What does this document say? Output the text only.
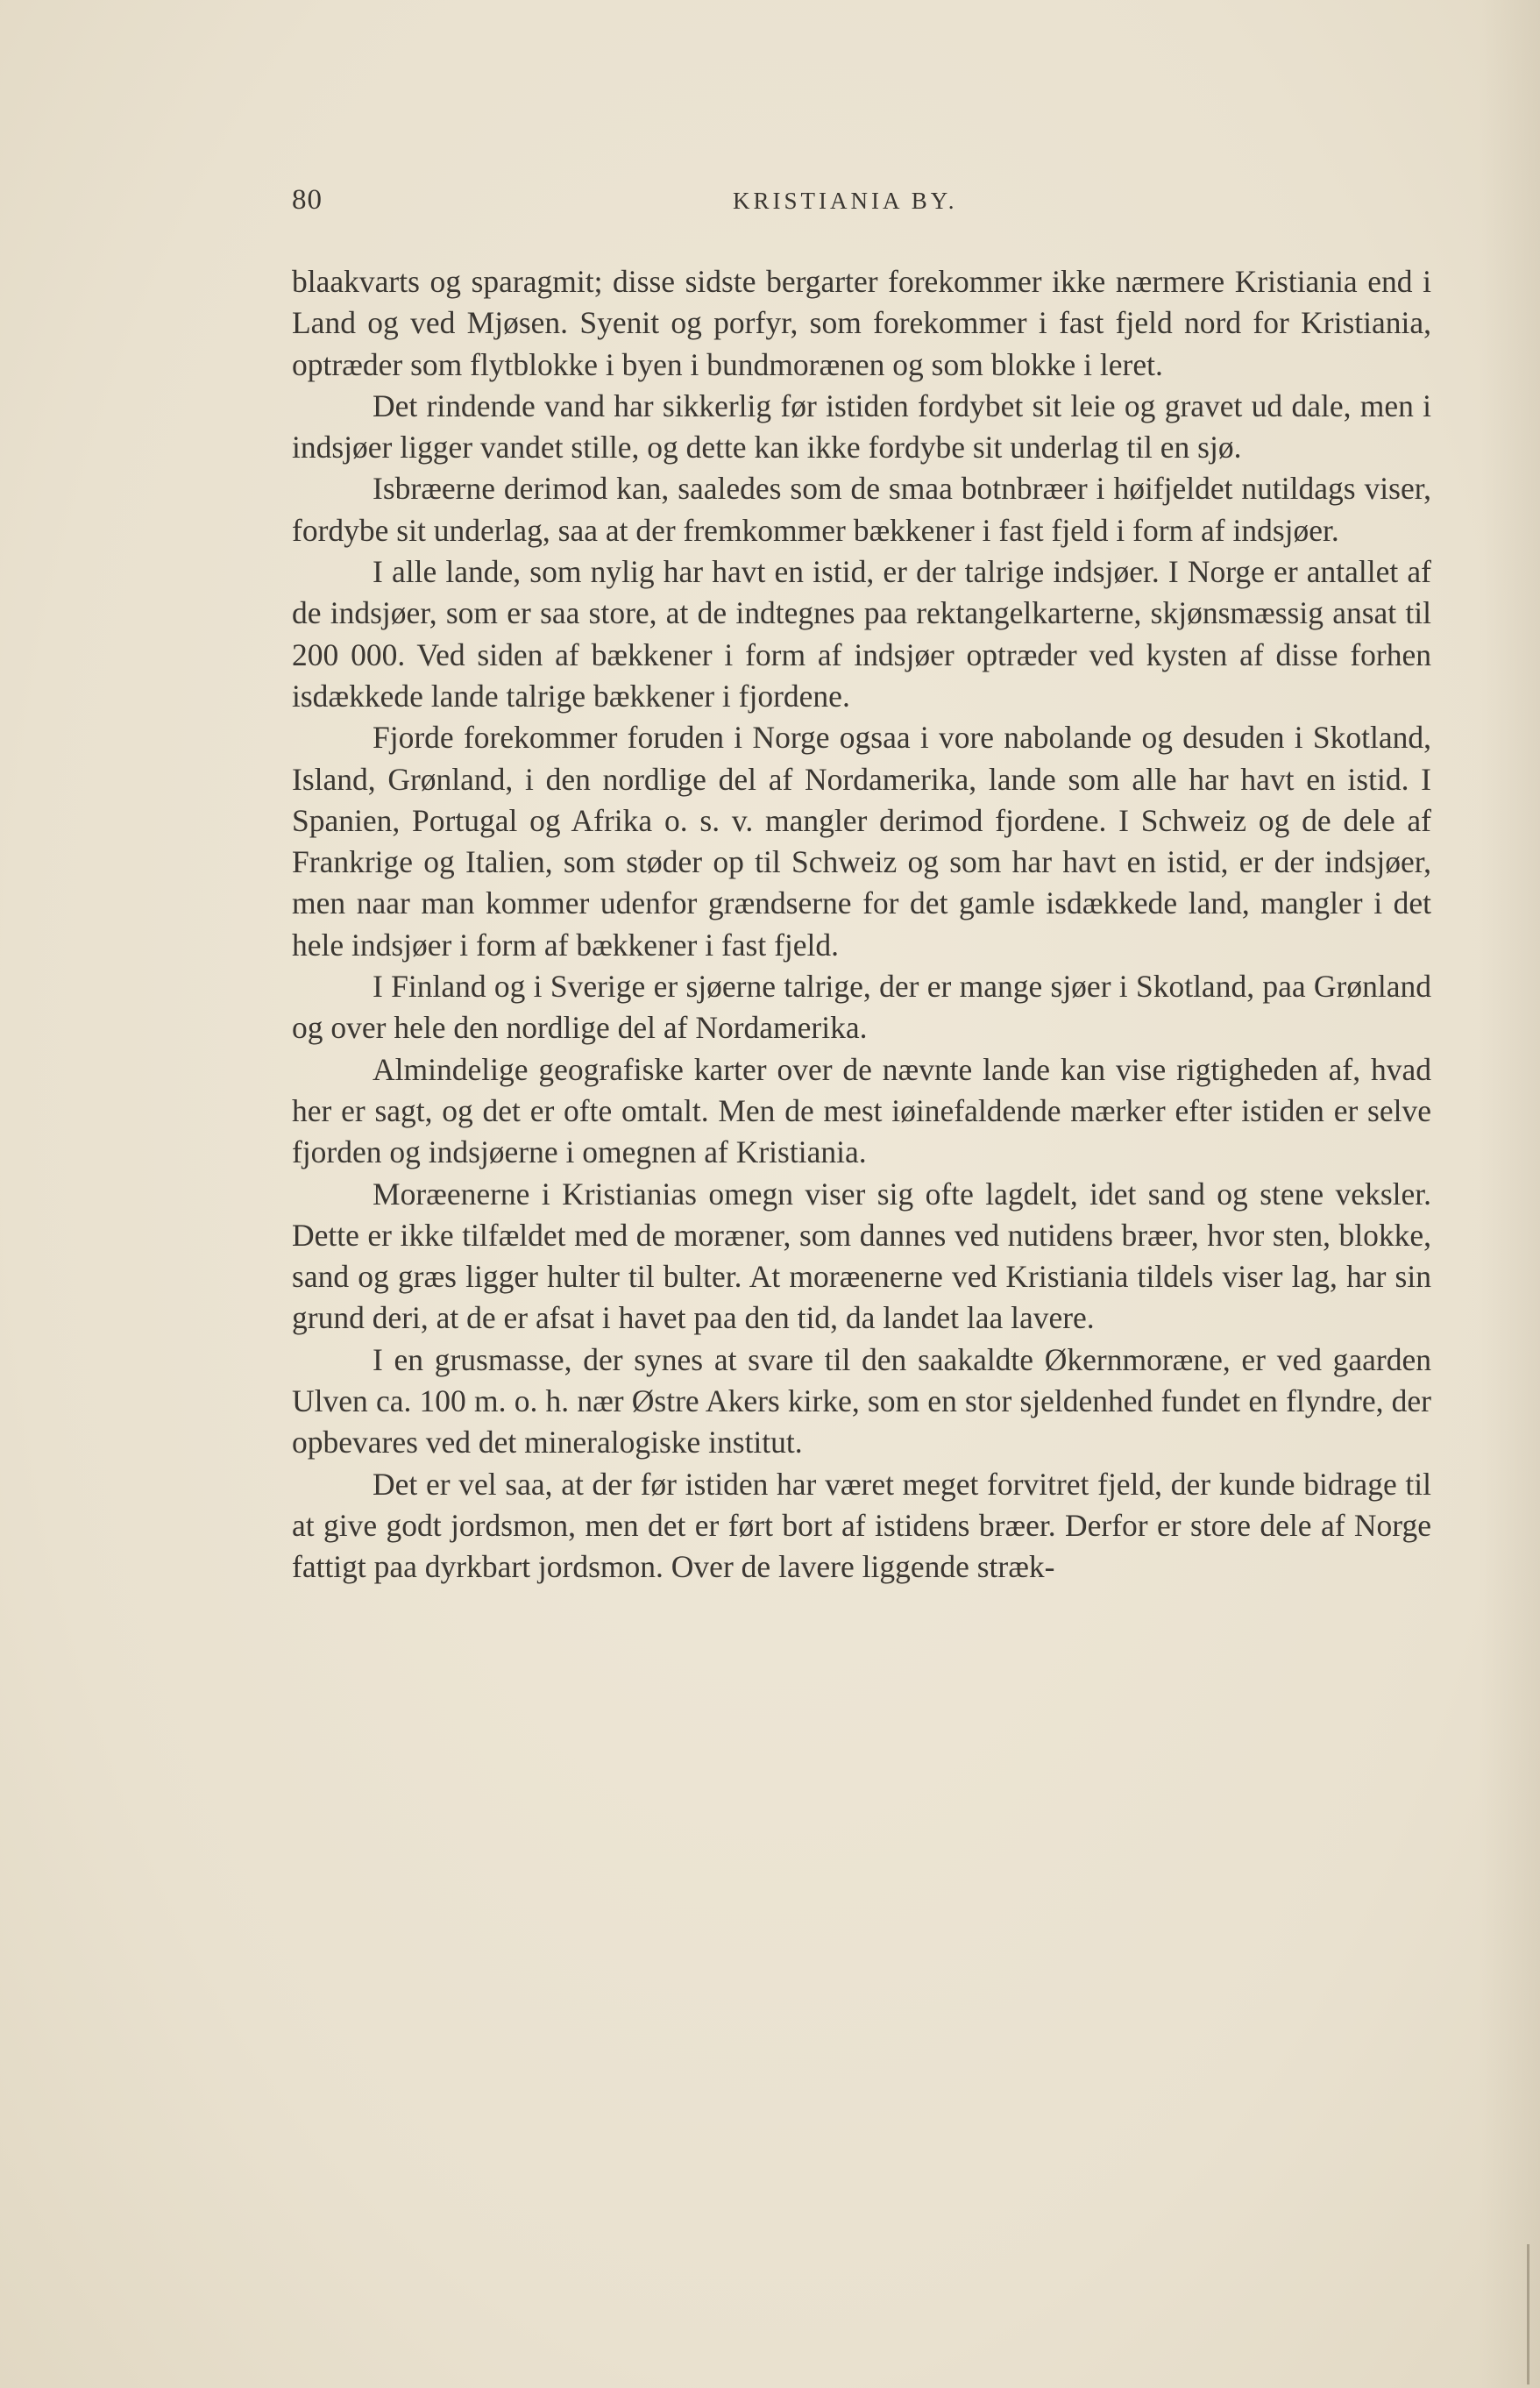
80	KRISTIANIA BY.

blaakvarts og sparagmit; disse sidste bergarter forekommer ikke nærmere Kristiania end i Land og ved Mjøsen. Syenit og porfyr, som forekommer i fast fjeld nord for Kristiania, optræder som flytblokke i byen i bundmorænen og som blokke i leret.

Det rindende vand har sikkerlig før istiden fordybet sit leie og gravet ud dale, men i indsjøer ligger vandet stille, og dette kan ikke fordybe sit underlag til en sjø.

Isbræerne derimod kan, saaledes som de smaa botnbræer i høifjeldet nutildags viser, fordybe sit underlag, saa at der fremkommer bækkener i fast fjeld i form af indsjøer.

I alle lande, som nylig har havt en istid, er der talrige indsjøer. I Norge er antallet af de indsjøer, som er saa store, at de indtegnes paa rektangelkarterne, skjønsmæssig ansat til 200 000. Ved siden af bækkener i form af indsjøer optræder ved kysten af disse forhen isdækkede lande talrige bækkener i fjordene.

Fjorde forekommer foruden i Norge ogsaa i vore nabolande og desuden i Skotland, Island, Grønland, i den nordlige del af Nordamerika, lande som alle har havt en istid. I Spanien, Portugal og Afrika o. s. v. mangler derimod fjordene. I Schweiz og de dele af Frankrige og Italien, som støder op til Schweiz og som har havt en istid, er der indsjøer, men naar man kommer udenfor grændserne for det gamle isdækkede land, mangler i det hele indsjøer i form af bækkener i fast fjeld.

I Finland og i Sverige er sjøerne talrige, der er mange sjøer i Skotland, paa Grønland og over hele den nordlige del af Nordamerika.

Almindelige geografiske karter over de nævnte lande kan vise rigtigheden af, hvad her er sagt, og det er ofte omtalt. Men de mest iøinefaldende mærker efter istiden er selve fjorden og indsjøerne i omegnen af Kristiania.

Moræenerne i Kristianias omegn viser sig ofte lagdelt, idet sand og stene veksler. Dette er ikke tilfældet med de moræner, som dannes ved nutidens bræer, hvor sten, blokke, sand og græs ligger hulter til bulter. At moræenerne ved Kristiania tildels viser lag, har sin grund deri, at de er afsat i havet paa den tid, da landet laa lavere.

I en grusmasse, der synes at svare til den saakaldte Økernmoræne, er ved gaarden Ulven ca. 100 m. o. h. nær Østre Akers kirke, som en stor sjeldenhed fundet en flyndre, der opbevares ved det mineralogiske institut.

Det er vel saa, at der før istiden har været meget forvitret fjeld, der kunde bidrage til at give godt jordsmon, men det er ført bort af istidens bræer. Derfor er store dele af Norge fattigt paa dyrkbart jordsmon. Over de lavere liggende stræk-
